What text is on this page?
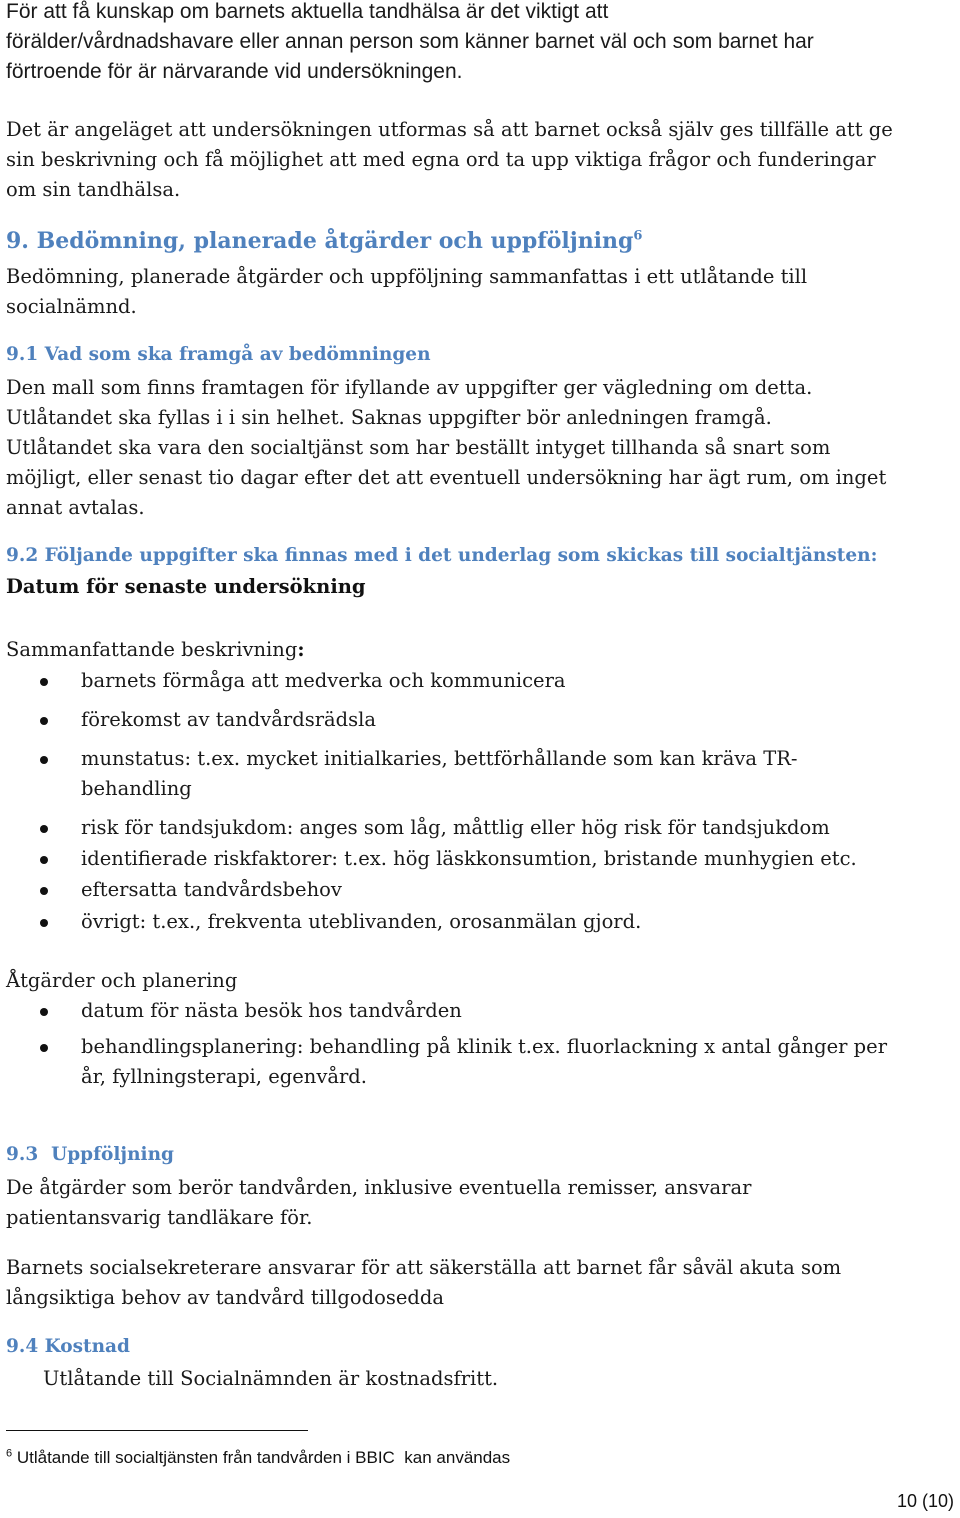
För att få kunskap om barnets aktuella tandhälsa är det viktigt att
förälder/vårdnadshavare eller annan person som känner barnet väl och som barnet har
förtroende för är närvarande vid undersökningen.
Det är angeläget att undersökningen utformas så att barnet också själv ges tillfälle att ge
sin beskrivning och få möjlighet att med egna ord ta upp viktiga frågor och funderingar
om sin tandhälsa.
9. Bedömning, planerade åtgärder och uppföljning$^6$
Bedömning, planerade åtgärder och uppföljning sammanfattas i ett utlåtande till
socialnämnd.
9.1 Vad som ska framgå av bedömningen
Den mall som finns framtagen för ifyllande av uppgifter ger vägledning om detta.
Utlåtandet ska fyllas i i sin helhet. Saknas uppgifter bör anledningen framgå.
Utlåtandet ska vara den socialtjänst som har beställt intyget tillhanda så snart som
möjligt, eller senast tio dagar efter det att eventuell undersökning har ägt rum, om inget
annat avtalas.
9.2 Följande uppgifter ska finnas med i det underlag som skickas till socialtjänsten:
Datum för senaste undersökning
Sammanfattande beskrivning:
barnets förmåga att medverka och kommunicera
förekomst av tandvårdsrädsla
munstatus: t.ex. mycket initialkaries, bettförhållande som kan kräva TR-
behandling
risk för tandsjukdom: anges som låg, måttlig eller hög risk för tandsjukdom
identifierade riskfaktorer: t.ex. hög läskkonsumtion, bristande munhygien etc.
eftersatta tandvårdsbehov
övrigt: t.ex., frekventa uteblivanden, orosanmälan gjord.
Åtgärder och planering
datum för nästa besök hos tandvården
behandlingsplanering: behandling på klinik t.ex. fluorlackning x antal gånger per
år, fyllningsterapi, egenvård.
9.3  Uppföljning
De åtgärder som berör tandvården, inklusive eventuella remisser, ansvarar
patientansvarig tandläkare för.
Barnets socialsekreterare ansvarar för att säkerställa att barnet får såväl akuta som
långsiktiga behov av tandvård tillgodosedda
9.4 Kostnad
Utlåtande till Socialnämnden är kostnadsfritt.
$^6$ Utlåtande till socialtjänsten från tandvården i BBIC  kan användas
10 (10)
